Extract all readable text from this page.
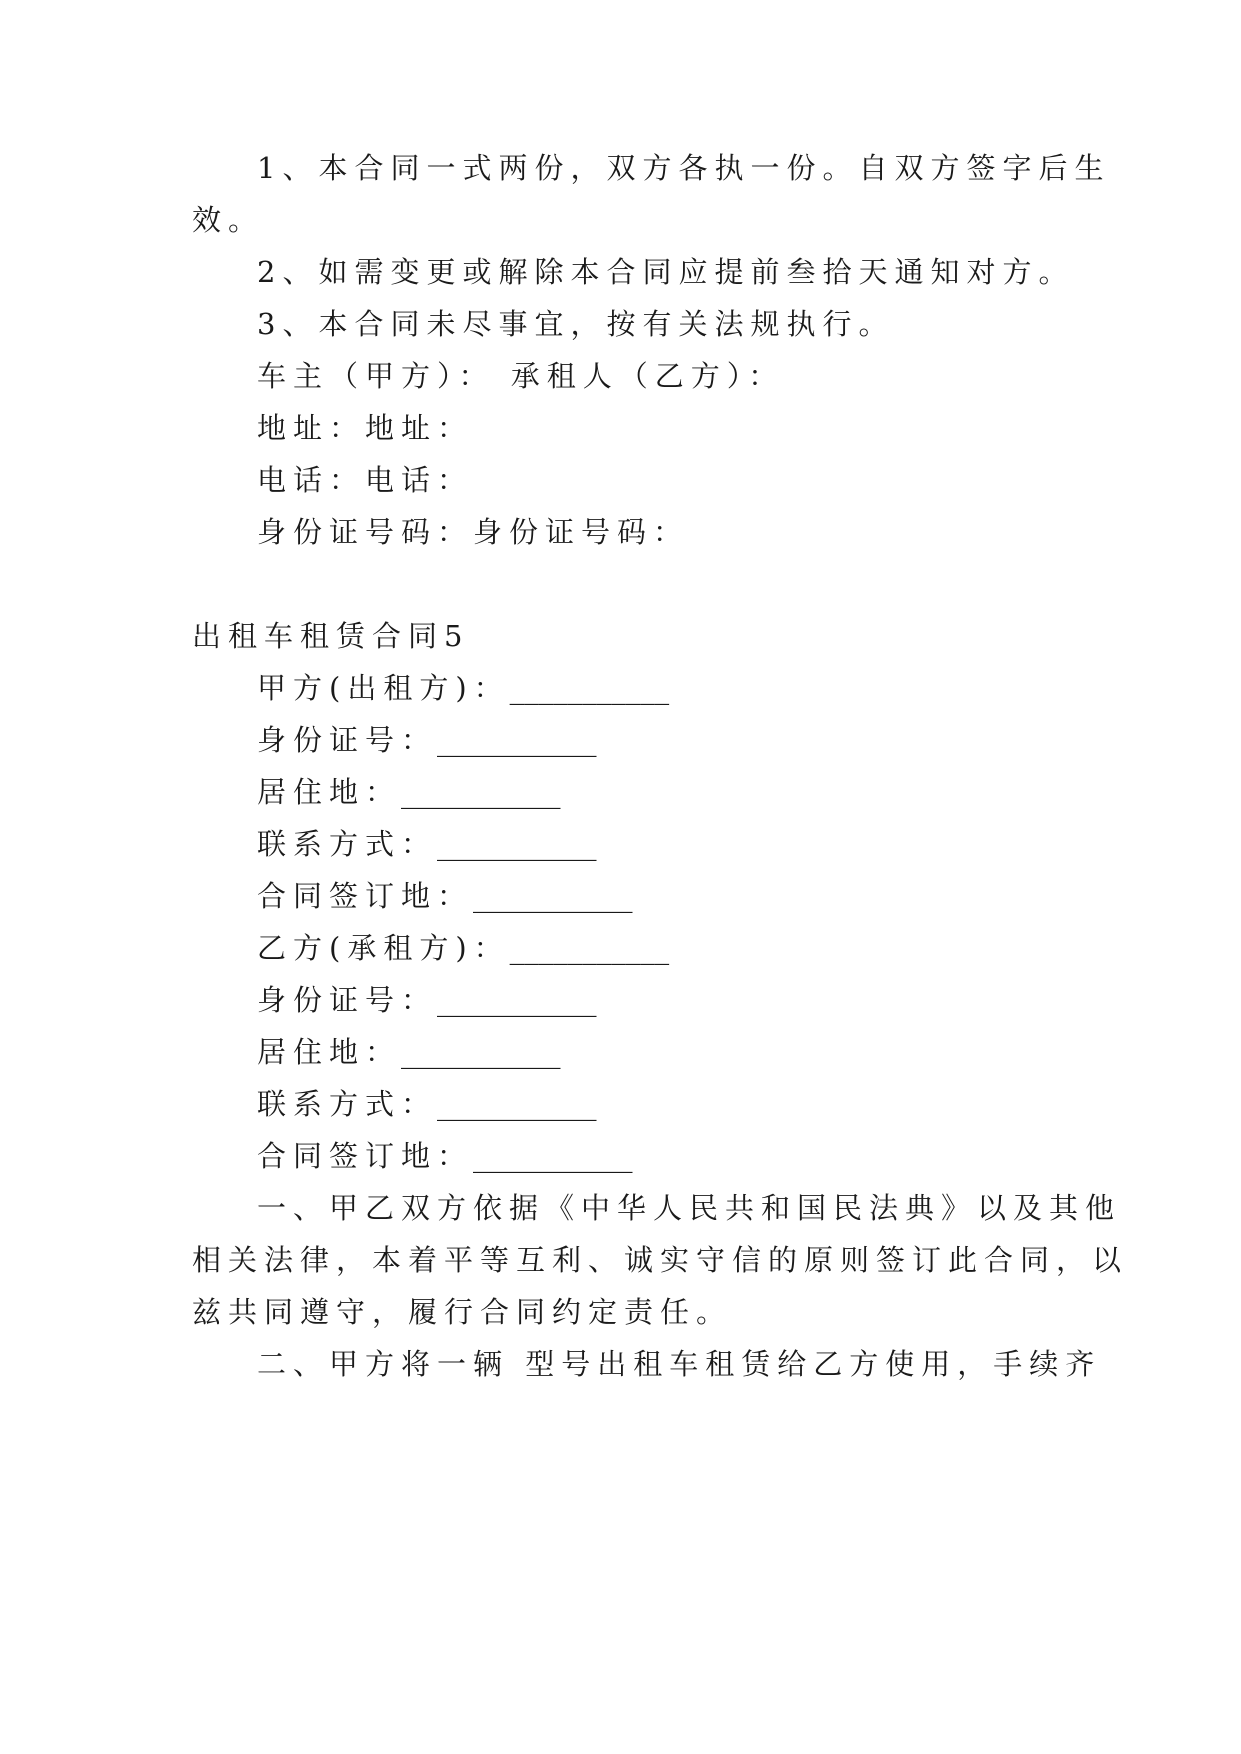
1、本合同一式两份，双方各执一份。自双方签字后生
效。
2、如需变更或解除本合同应提前叁拾天通知对方。
3、本合同未尽事宜，按有关法规执行。
车主（甲方）： 承租人（乙方）：
地址：地址：
电话：电话：
身份证号码：身份证号码：
出租车租赁合同5
甲方(出租方)：___________
身份证号：___________
居住地：___________
联系方式：___________
合同签订地：___________
乙方(承租方)：___________
身份证号：___________
居住地：___________
联系方式：___________
合同签订地：___________
一、甲乙双方依据《中华人民共和国民法典》以及其他
相关法律，本着平等互利、诚实守信的原则签订此合同，以
兹共同遵守，履行合同约定责任。
二、甲方将一辆 型号出租车租赁给乙方使用，手续齐
